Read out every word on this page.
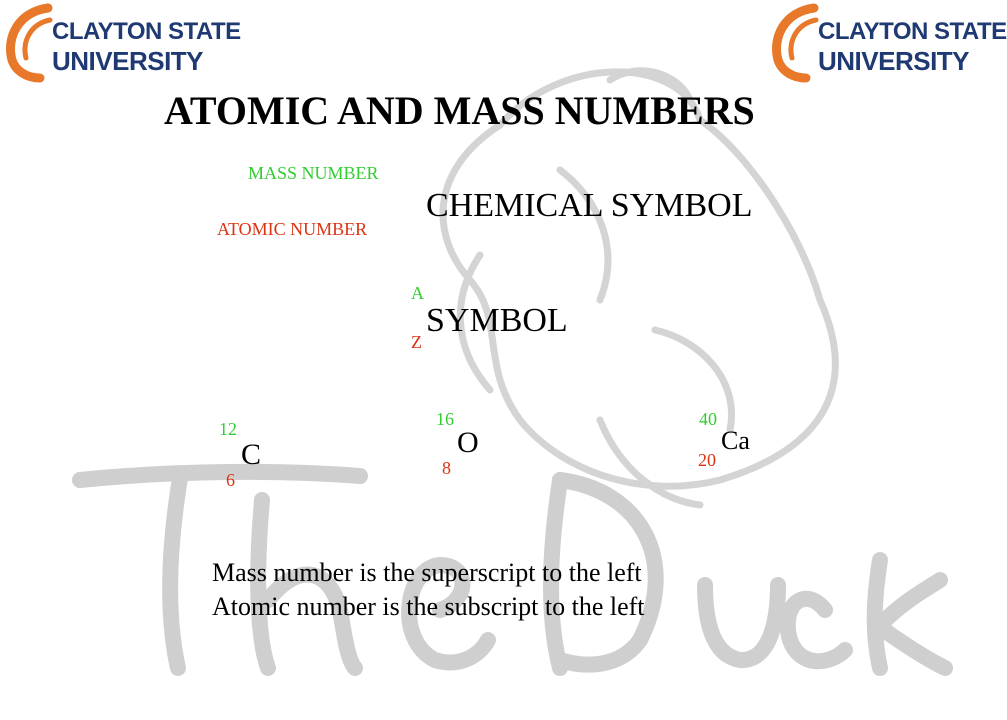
CLAYTON STATE
UNIVERSITY
CLAYTON STATE
UNIVERSITY
ATOMIC AND MASS NUMBERS
MASS NUMBER
ATOMIC NUMBER
CHEMICAL SYMBOL
A
Z
SYMBOL
12
6
C
16
8
O
40
20
Ca
Mass number is the superscript to the left
Atomic number is the subscript to the left
